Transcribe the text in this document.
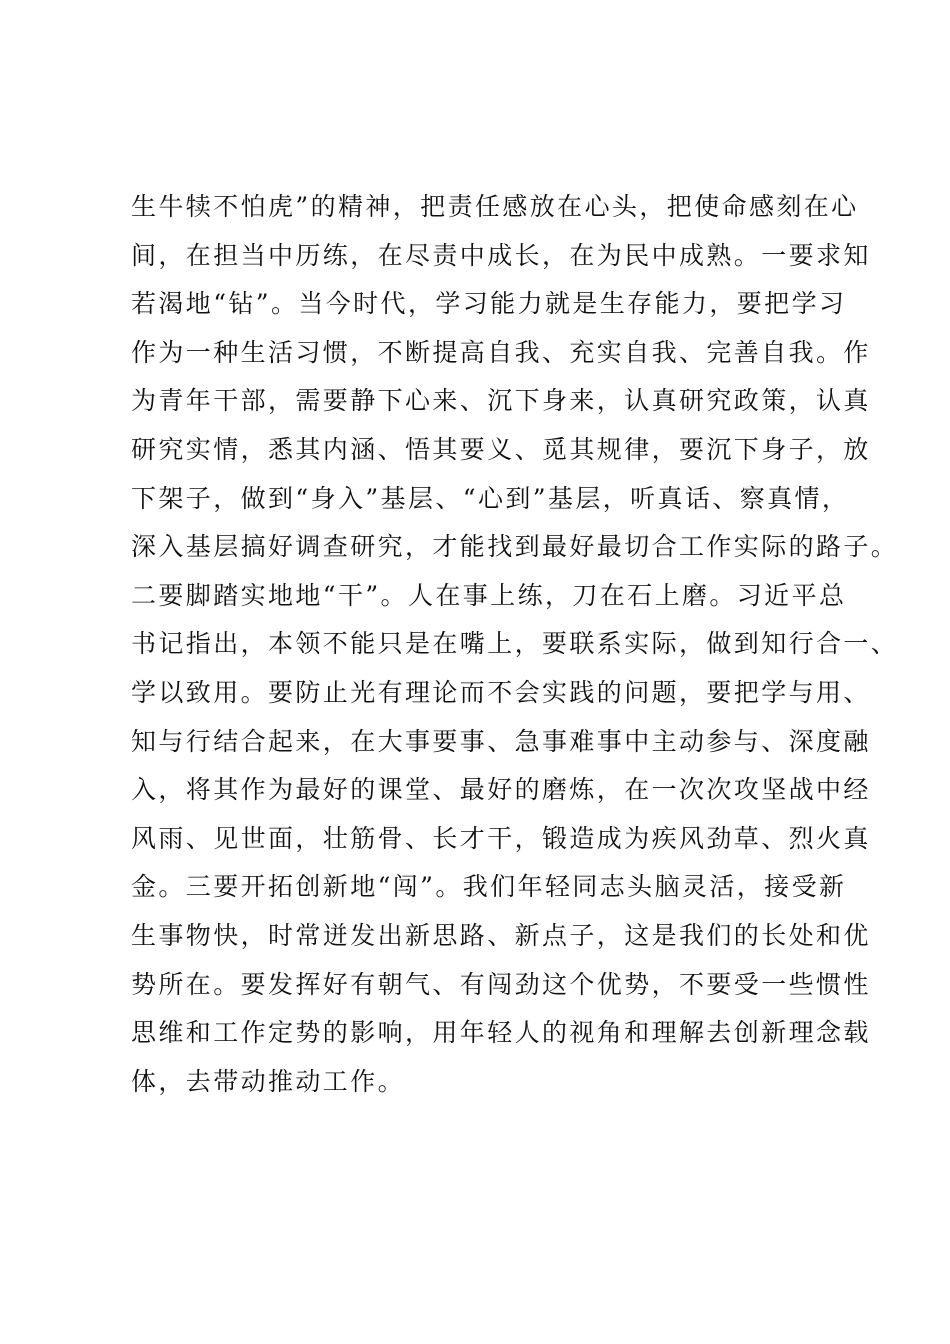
生牛犊不怕虎”的精神，把责任感放在心头，把使命感刻在心

间，在担当中历练，在尽责中成长，在为民中成熟。一要求知

若渴地“钻”。当今时代，学习能力就是生存能力，要把学习

作为一种生活习惯，不断提高自我、充实自我、完善自我。作

为青年干部，需要静下心来、沉下身来，认真研究政策，认真

研究实情，悉其内涵、悟其要义、觅其规律，要沉下身子，放

下架子，做到“身入”基层、“心到”基层，听真话、察真情，

深入基层搞好调查研究，才能找到最好最切合工作实际的路子。

二要脚踏实地地“干”。人在事上练，刀在石上磨。习近平总

书记指出，本领不能只是在嘴上，要联系实际，做到知行合一、

学以致用。要防止光有理论而不会实践的问题，要把学与用、

知与行结合起来，在大事要事、急事难事中主动参与、深度融

入，将其作为最好的课堂、最好的磨炼，在一次次攻坚战中经

风雨、见世面，壮筋骨、长才干，锻造成为疾风劲草、烈火真

金。三要开拓创新地“闯”。我们年轻同志头脑灵活，接受新

生事物快，时常迸发出新思路、新点子，这是我们的长处和优

势所在。要发挥好有朝气、有闯劲这个优势，不要受一些惯性

思维和工作定势的影响，用年轻人的视角和理解去创新理念载

体，去带动推动工作。
